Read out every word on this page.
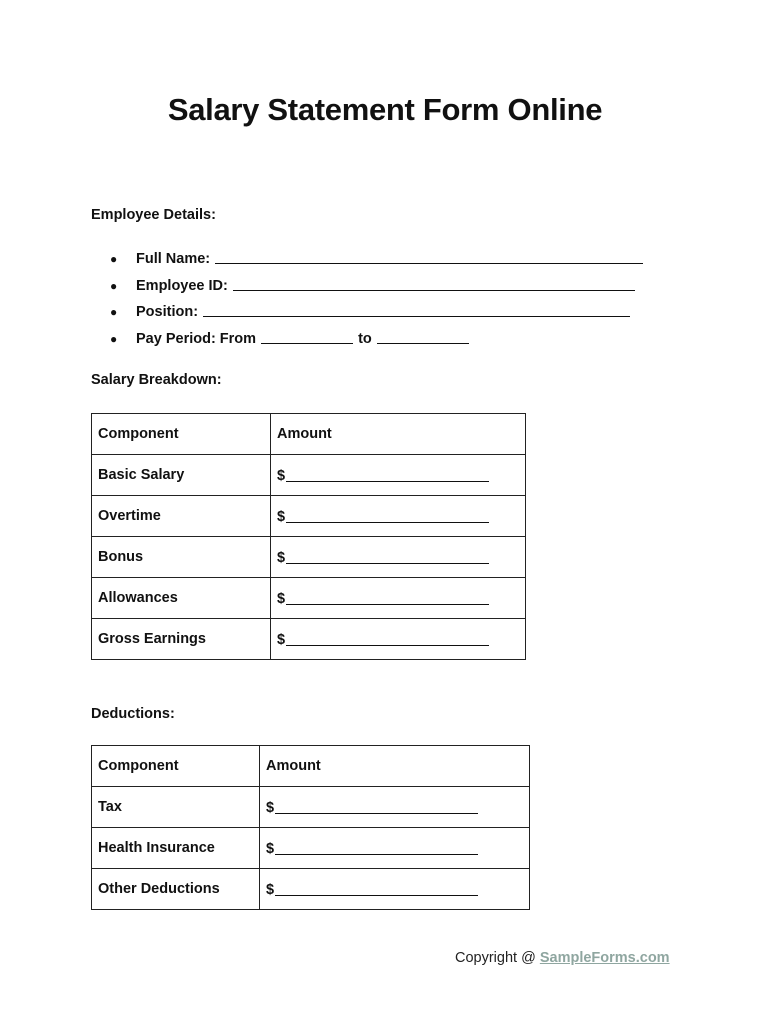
Salary Statement Form Online
Employee Details:
●	Full Name:
●	Employee ID:
●	Position:
●	Pay Period: From	to
Salary Breakdown:
Component	Amount
Basic Salary	$

Overtime	$

Bonus	$

Allowances	$

Gross Earnings	$
Deductions:
Component	Amount
Tax	$

Health Insurance	$

Other Deductions	$
Copyright @ SampleForms.com
